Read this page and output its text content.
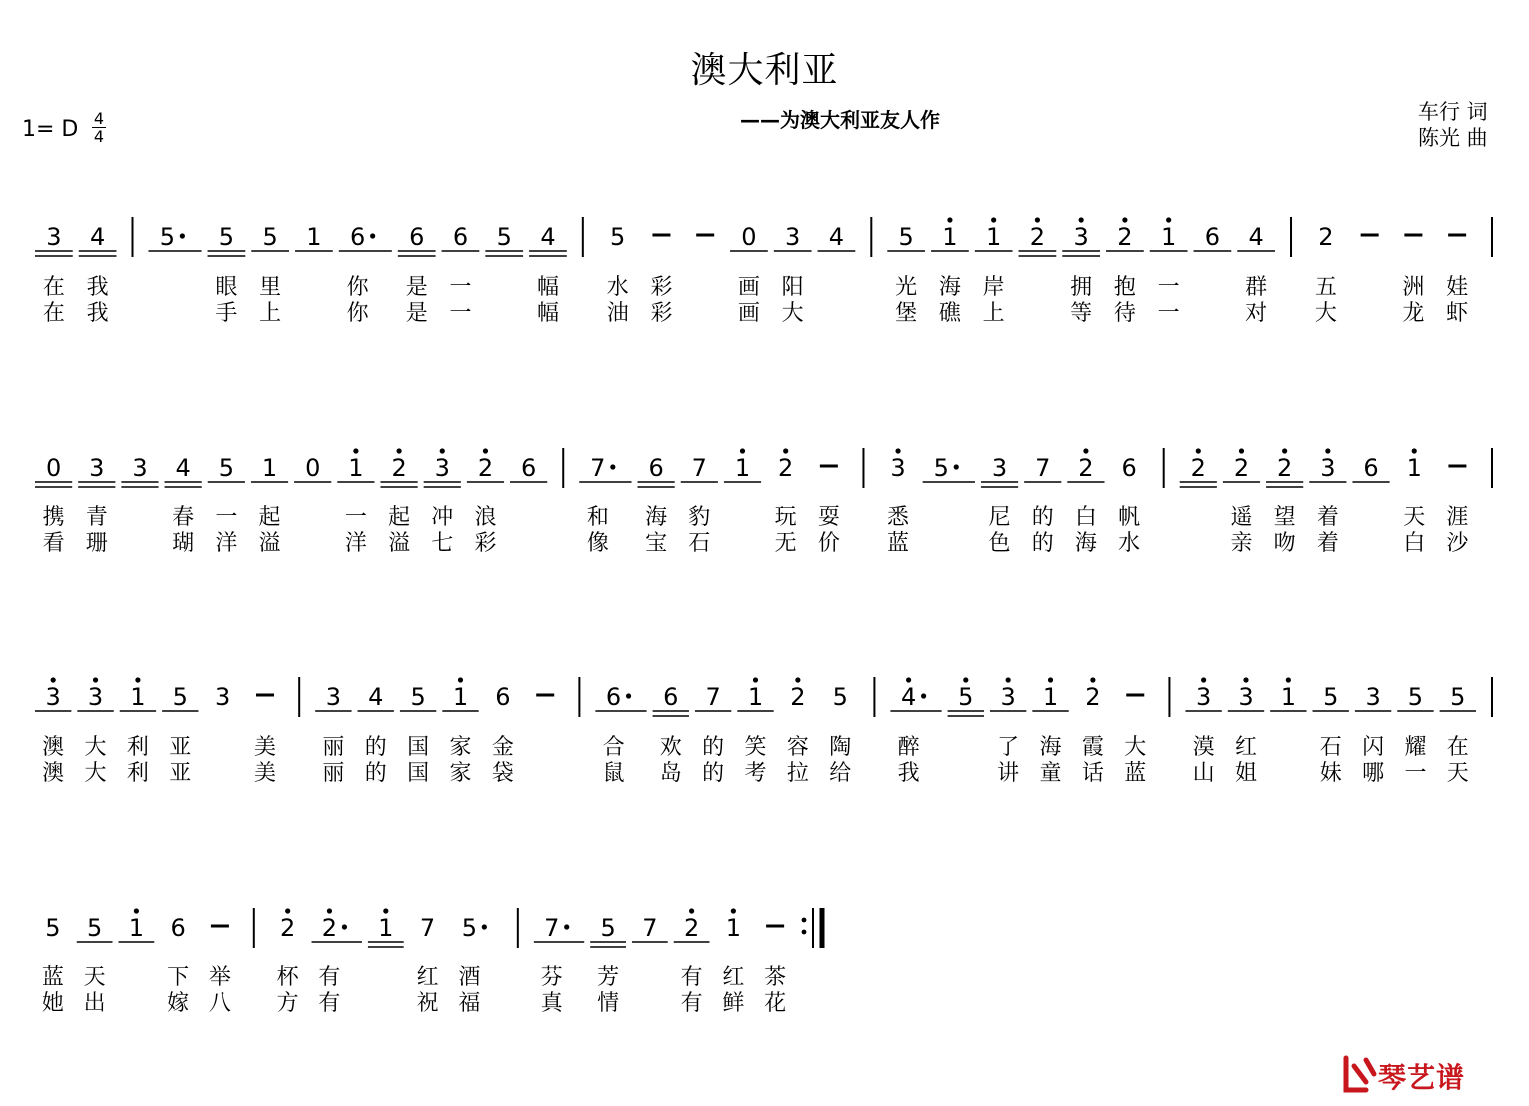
澳大利亚
——为澳大利亚友人作
1= D 4
4
车行 词
陈光 曲
3 4 5 5 5 1 6 6 6 5 4 5	0 3 4 5 1 1 2 3 2 1 6 4 2
在 我	眼 里	你 是 一	幅 水 彩	画 阳	光 海 岸	拥 抱 一	群 五	洲 娃
在 我	手 上	你 是 一	幅 油 彩	画 大	堡 礁 上	等 待 一	对 大	龙 虾
0 3 3 4 5 1 0 1 2 3 2 6 7 6 7 1 2	3 5 3 7 2 6 2 2 2 3 6 1
携 青	春 一 起	一 起 冲 浪	和 海 豹	玩 耍 悉	尼 的 白 帆	遥 望 着	天 涯
看 珊	瑚 洋 溢	洋 溢 七 彩	像 宝 石	无 价 蓝	色 的 海 水	亲 吻 着	白 沙
3 3 1 5 3	3 4 5 1 6	6 6 7 1 2 5 4 5 3 1 2	3 3 1 5 3 5 5
澳 大 利 亚	美 丽 的 国 家 金	合 欢 的 笑 容 陶 醉	了 海 霞 大 漠 红	石 闪 耀 在
澳 大 利 亚	美 丽 的 国 家 袋	鼠 岛 的 考 拉 给 我	讲 童 话 蓝 山 姐	妹 哪 一 天
5 5 1 6	2 2 1 7 5	7 5 7 2 1
蓝 天	下 举 杯 有	红 酒	芬 芳	有 红 茶
她 出	嫁 八 方 有	祝 福	真 情	有 鲜 花
琴艺谱
